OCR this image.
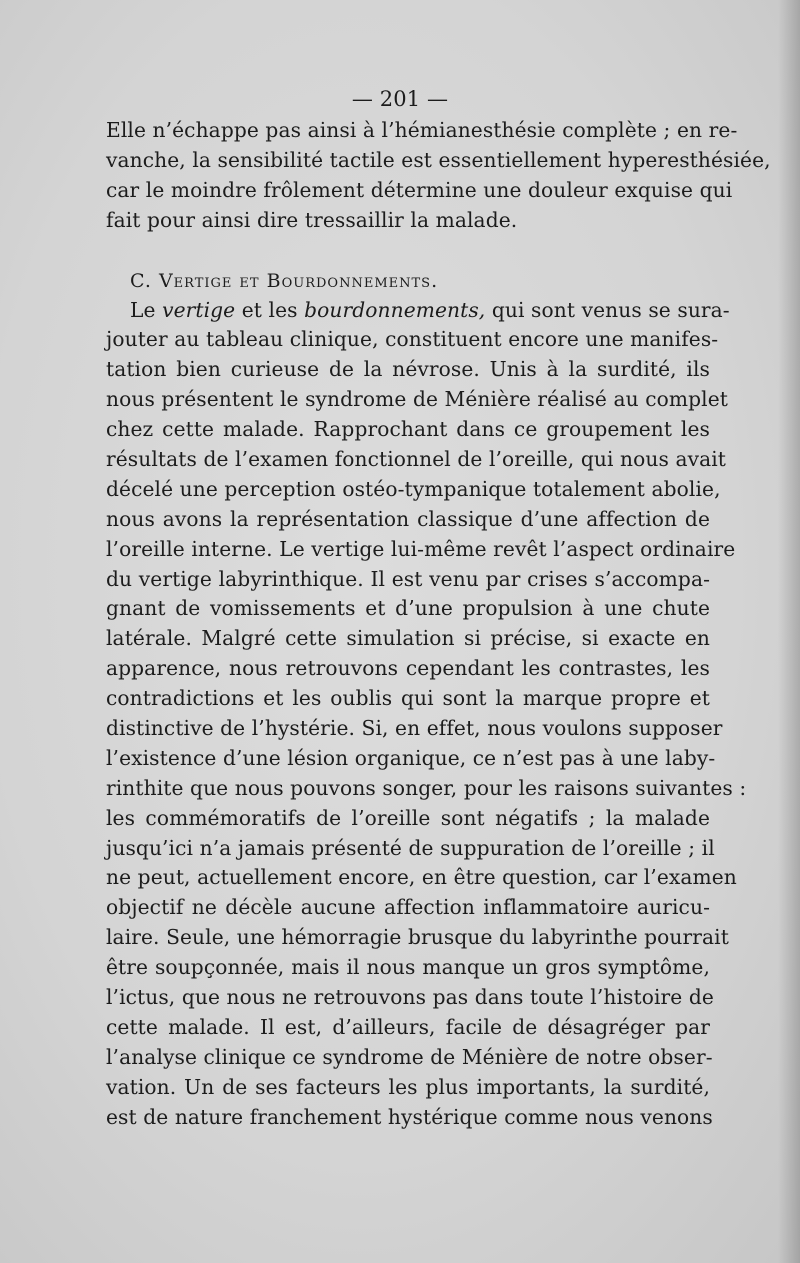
— 201 —
Elle n’échappe pas ainsi à l’hémianesthésie complète ; en re-
vanche, la sensibilité tactile est essentiellement hyperesthésiée,
car le moindre frôlement détermine une douleur exquise qui
fait pour ainsi dire tressaillir la malade.
C. Vertige et Bourdonnements.
Le vertige et les bourdonnements, qui sont venus se sura-
jouter au tableau clinique, constituent encore une manifes-
tation bien curieuse de la névrose. Unis à la surdité, ils
nous présentent le syndrome de Ménière réalisé au complet
chez cette malade. Rapprochant dans ce groupement les
résultats de l’examen fonctionnel de l’oreille, qui nous avait
décelé une perception ostéo-tympanique totalement abolie,
nous avons la représentation classique d’une affection de
l’oreille interne. Le vertige lui-même revêt l’aspect ordinaire
du vertige labyrinthique. Il est venu par crises s’accompa-
gnant de vomissements et d’une propulsion à une chute
latérale. Malgré cette simulation si précise, si exacte en
apparence, nous retrouvons cependant les contrastes, les
contradictions et les oublis qui sont la marque propre et
distinctive de l’hystérie. Si, en effet, nous voulons supposer
l’existence d’une lésion organique, ce n’est pas à une laby-
rinthite que nous pouvons songer, pour les raisons suivantes :
les commémoratifs de l’oreille sont négatifs ; la malade
jusqu’ici n’a jamais présenté de suppuration de l’oreille ; il
ne peut, actuellement encore, en être question, car l’examen
objectif ne décèle aucune affection inflammatoire auricu-
laire. Seule, une hémorragie brusque du labyrinthe pourrait
être soupçonnée, mais il nous manque un gros symptôme,
l’ictus, que nous ne retrouvons pas dans toute l’histoire de
cette malade. Il est, d’ailleurs, facile de désagréger par
l’analyse clinique ce syndrome de Ménière de notre obser-
vation. Un de ses facteurs les plus importants, la surdité,
est de nature franchement hystérique comme nous venons
